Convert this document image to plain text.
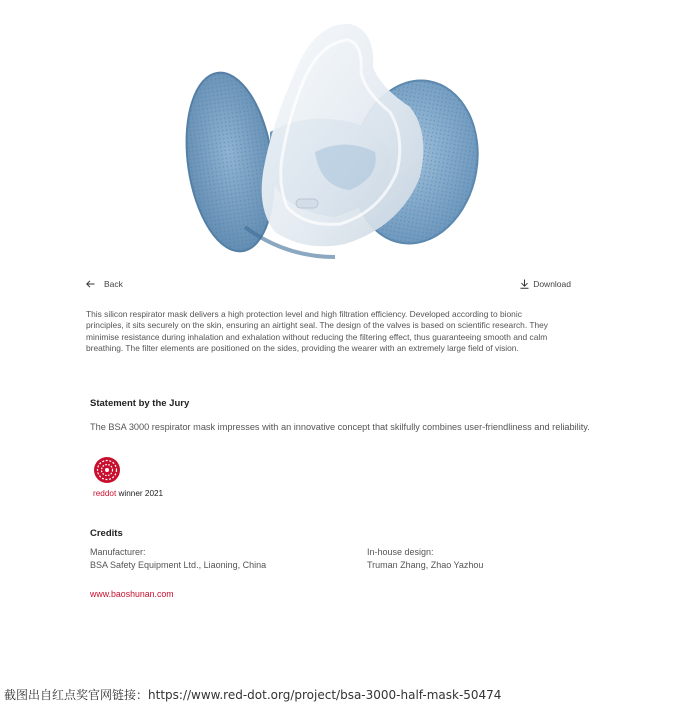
Back	Download

This silicon respirator mask delivers a high protection level and high filtration efficiency. Developed according to bionic principles, it sits securely on the skin, ensuring an airtight seal. The design of the valves is based on scientific research. They minimise resistance during inhalation and exhalation without reducing the filtering effect, thus guaranteeing smooth and calm breathing. The filter elements are positioned on the sides, providing the wearer with an extremely large field of vision.

Statement by the Jury

The BSA 3000 respirator mask impresses with an innovative concept that skilfully combines user-friendliness and reliability.

reddot winner 2021
Credits
Manufacturer:
BSA Safety Equipment Ltd., Liaoning, China
In-house design:
Truman Zhang, Zhao Yazhou
www.baoshunan.com
截图出自红点奖官网链接：https://www.red-dot.org/project/bsa-3000-half-mask-50474
